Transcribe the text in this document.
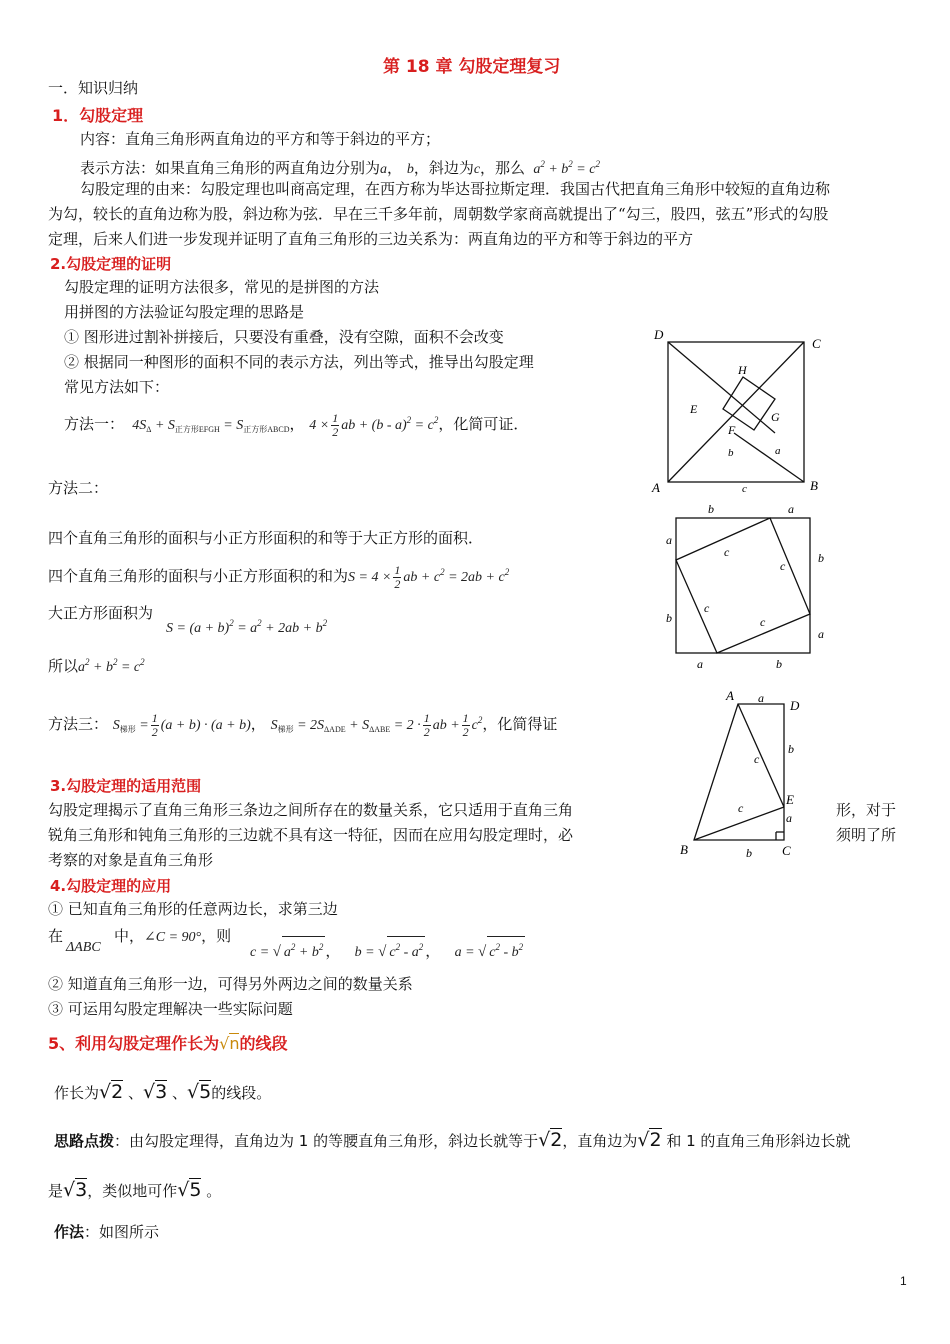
第 18 章 勾股定理复习
一．知识归纳
1．勾股定理
内容：直角三角形两直角边的平方和等于斜边的平方；
表示方法：如果直角三角形的两直角边分别为a， b，斜边为c，那么  $a^2 + b^2 = c^2$
勾股定理的由来：勾股定理也叫商高定理，在西方称为毕达哥拉斯定理．我国古代把直角三角形中较短的直角边称
为勾，较长的直角边称为股，斜边称为弦．早在三千多年前，周朝数学家商高就提出了“勾三，股四，弦五”形式的勾股
定理，后来人们进一步发现并证明了直角三角形的三边关系为：两直角边的平方和等于斜边的平方
2.勾股定理的证明
勾股定理的证明方法很多，常见的是拼图的方法
用拼图的方法验证勾股定理的思路是
① 图形进过割补拼接后，只要没有重叠，没有空隙，面积不会改变
② 根据同一种图形的面积不同的表示方法，列出等式，推导出勾股定理
常见方法如下：
方法一：  $4S_\Delta + S_{正方形EFGH} = S_{正方形ABCD}$， $4 \times \frac{1}{2}$ ab + $(b - a)^2 = c^2$，化简可证．
方法二：
四个直角三角形的面积与小正方形面积的和等于大正方形的面积．
四个直角三角形的面积与小正方形面积的和为$S = 4 \times \frac{1}{2}$ ab + $c^2 = 2ab + c^2$
大正方形面积为
$S = (a + b)^2 = a^2 + 2ab + b^2$
所以$a^2 + b^2 = c^2$
方法三： $S_{梯形} = \frac{1}{2} (a + b) \cdot (a + b)$， $S_{梯形} = 2S_{\Delta ADE} + S_{\Delta ABE} = 2 \cdot \frac{1}{2}$ ab + $\frac{1}{2} c^2$，化简得证
3.勾股定理的适用范围
勾股定理揭示了直角三角形三条边之间所存在的数量关系，它只适用于直角三角	形，对于
锐角三角形和钝角三角形的三边就不具有这一特征，因而在应用勾股定理时，必	须明了所
考察的对象是直角三角形
4.勾股定理的应用
① 已知直角三角形的任意两边长，求第三边
在
ΔABC
中，∠C = 90°，则
c = √ $a^2 + b^2$ ，   b = √ $c^2 - a^2$ ，   a = √ $c^2 - b^2$
② 知道直角三角形一边，可得另外两边之间的数量关系
③ 可运用勾股定理解决一些实际问题
5、利用勾股定理作长为√n的线段
作长为√2 、√3 、√5的线段。
思路点拨：由勾股定理得，直角边为 1 的等腰直角三角形，斜边长就等于√2，直角边为√2 和 1 的直角三角形斜边长就
是√3，类似地可作√5 。
作法：如图所示
D
C
A	B
H
E
G
F
b	a
c
b	a
a
b
b
a
a	b
c
c
c
c
A a D
b
c
E
a
c
B	b C
1
